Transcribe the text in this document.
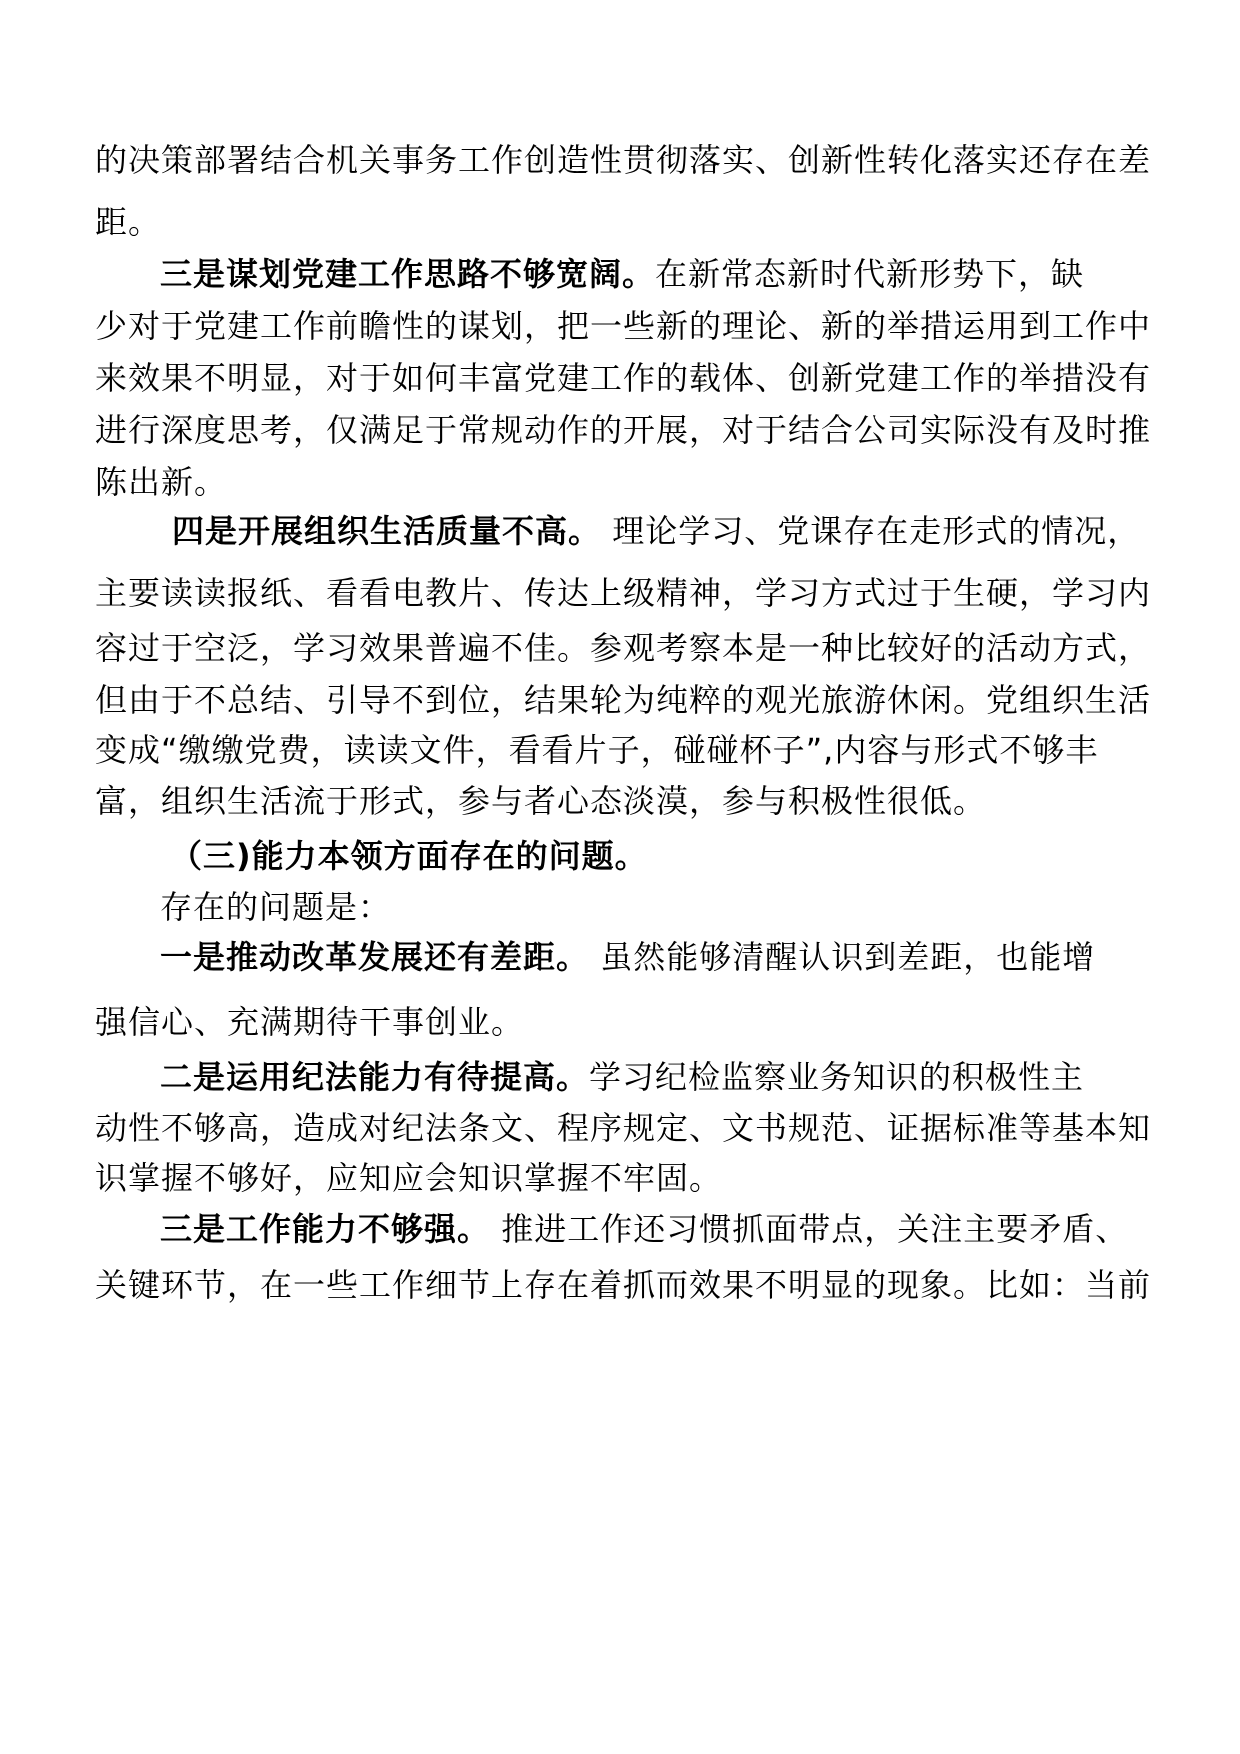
的决策部署结合机关事务工作创造性贯彻落实、创新性转化落实还存在差
距。
三是谋划党建工作思路不够宽阔。在新常态新时代新形势下，缺
少对于党建工作前瞻性的谋划，把一些新的理论、新的举措运用到工作中
来效果不明显，对于如何丰富党建工作的载体、创新党建工作的举措没有
进行深度思考，仅满足于常规动作的开展，对于结合公司实际没有及时推
陈出新。
四是开展组织生活质量不高。 理论学习、党课存在走形式的情况，
主要读读报纸、看看电教片、传达上级精神，学习方式过于生硬，学习内
容过于空泛，学习效果普遍不佳。参观考察本是一种比较好的活动方式，
但由于不总结、引导不到位，结果轮为纯粹的观光旅游休闲。党组织生活
变成“缴缴党费，读读文件，看看片子，碰碰杯子”,内容与形式不够丰
富，组织生活流于形式，参与者心态淡漠，参与积极性很低。
（三)能力本领方面存在的问题。
存在的问题是：
一是推动改革发展还有差距。 虽然能够清醒认识到差距，也能增
强信心、充满期待干事创业。
二是运用纪法能力有待提高。学习纪检监察业务知识的积极性主
动性不够高，造成对纪法条文、程序规定、文书规范、证据标准等基本知
识掌握不够好，应知应会知识掌握不牢固。
三是工作能力不够强。 推进工作还习惯抓面带点，关注主要矛盾、
关键环节，在一些工作细节上存在着抓而效果不明显的现象。比如：当前
